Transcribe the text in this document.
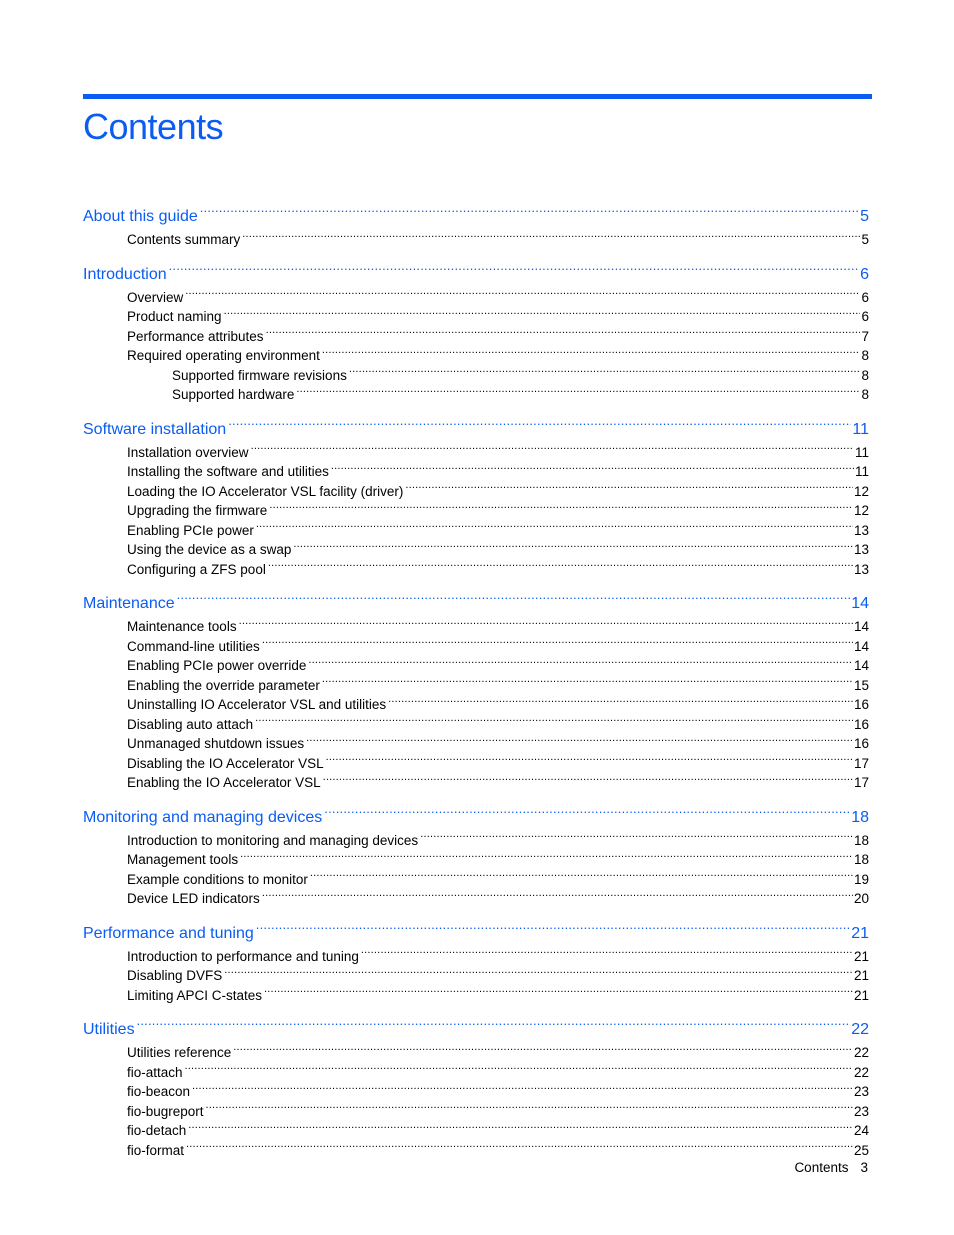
Contents
About this guide .....	5
Contents summary .....	5
Introduction .....	6
Overview .....	6
Product naming .....	6
Performance attributes .....	7
Required operating environment .....	8
Supported firmware revisions .....	8
Supported hardware .....	8
Software installation .....	11
Installation overview .....	11
Installing the software and utilities .....	11
Loading the IO Accelerator VSL facility (driver) .....	12
Upgrading the firmware .....	12
Enabling PCIe power .....	13
Using the device as a swap .....	13
Configuring a ZFS pool .....	13
Maintenance .....	14
Maintenance tools .....	14
Command-line utilities .....	14
Enabling PCIe power override .....	14
Enabling the override parameter .....	15
Uninstalling IO Accelerator VSL and utilities .....	16
Disabling auto attach .....	16
Unmanaged shutdown issues .....	16
Disabling the IO Accelerator VSL .....	17
Enabling the IO Accelerator VSL .....	17
Monitoring and managing devices .....	18
Introduction to monitoring and managing devices .....	18
Management tools .....	18
Example conditions to monitor .....	19
Device LED indicators .....	20
Performance and tuning .....	21
Introduction to performance and tuning .....	21
Disabling DVFS .....	21
Limiting APCI C-states .....	21
Utilities .....	22
Utilities reference .....	22
fio-attach .....	22
fio-beacon .....	23
fio-bugreport .....	23
fio-detach .....	24
fio-format .....	25
Contents 3
